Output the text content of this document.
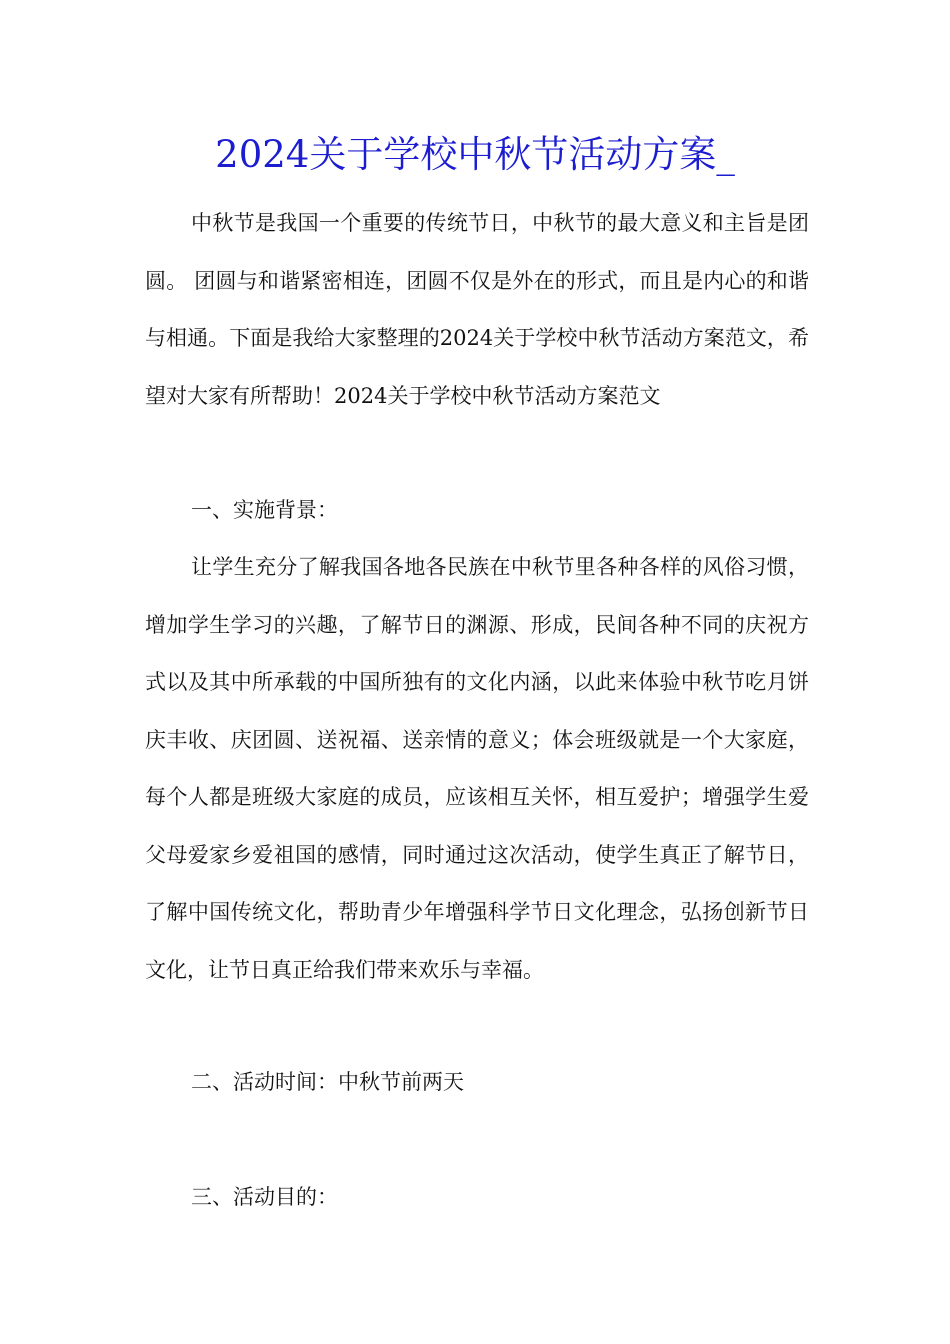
2024关于学校中秋节活动方案_

中秋节是我国一个重要的传统节日，中秋节的最大意义和主旨是团圆。 团圆与和谐紧密相连，团圆不仅是外在的形式，而且是内心的和谐与相通。下面是我给大家整理的2024关于学校中秋节活动方案范文，希望对大家有所帮助！2024关于学校中秋节活动方案范文

一、实施背景：

让学生充分了解我国各地各民族在中秋节里各种各样的风俗习惯，增加学生学习的兴趣，了解节日的渊源、形成，民间各种不同的庆祝方式以及其中所承载的中国所独有的文化内涵，以此来体验中秋节吃月饼庆丰收、庆团圆、送祝福、送亲情的意义；体会班级就是一个大家庭，每个人都是班级大家庭的成员，应该相互关怀，相互爱护；增强学生爱父母爱家乡爱祖国的感情，同时通过这次活动，使学生真正了解节日，了解中国传统文化，帮助青少年增强科学节日文化理念，弘扬创新节日文化，让节日真正给我们带来欢乐与幸福。

二、活动时间：中秋节前两天

三、活动目的：
